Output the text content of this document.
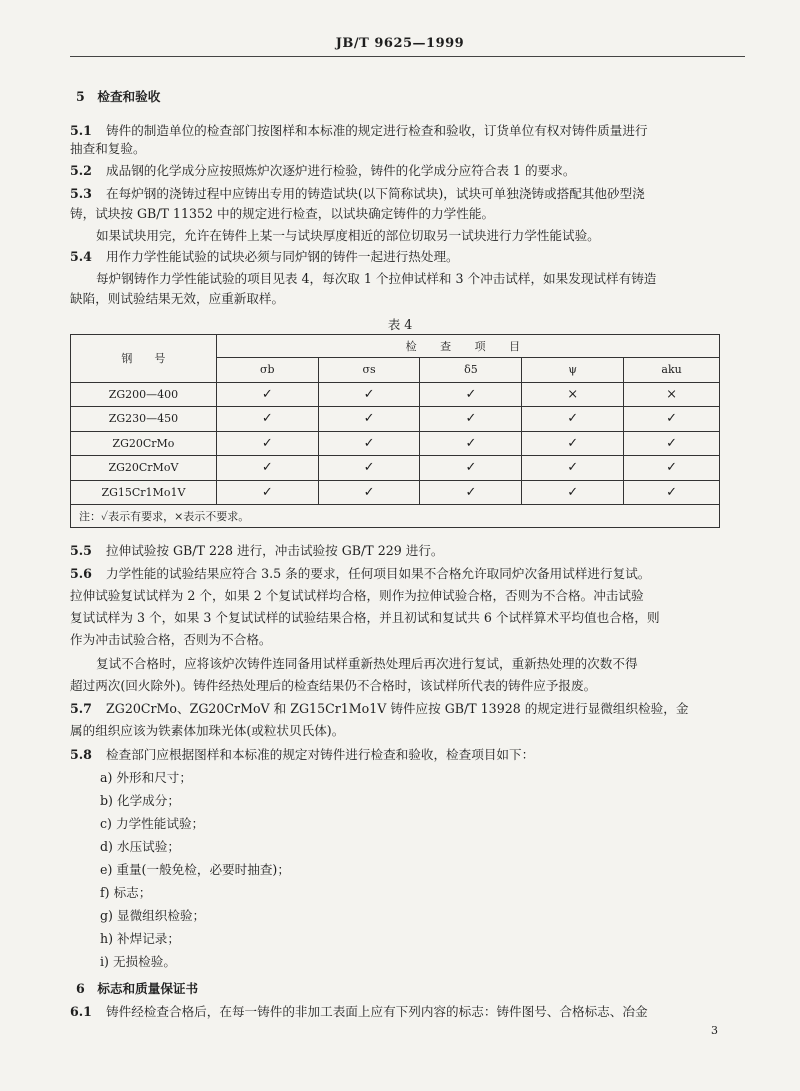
JB/T 9625—1999
5　检查和验收
5.1 铸件的制造单位的检查部门按图样和本标准的规定进行检查和验收，订货单位有权对铸件质量进行
抽查和复验。
5.2 成品钢的化学成分应按照炼炉次逐炉进行检验，铸件的化学成分应符合表 1 的要求。
5.3 在每炉钢的浇铸过程中应铸出专用的铸造试块(以下简称试块)，试块可单独浇铸或搭配其他砂型浇
铸，试块按 GB/T 11352 中的规定进行检查，以试块确定铸件的力学性能。
如果试块用完，允许在铸件上某一与试块厚度相近的部位切取另一试块进行力学性能试验。
5.4 用作力学性能试验的试块必须与同炉钢的铸件一起进行热处理。
每炉钢铸作力学性能试验的项目见表 4，每次取 1 个拉伸试样和 3 个冲击试样，如果发现试样有铸造
缺陷，则试验结果无效，应重新取样。
表 4
钢　　号	检 查 项 目				
	σb	σs	δ5	ψ	aku
ZG200—400	✓	✓	✓	×	×
ZG230—450	✓	✓	✓	✓	✓
ZG20CrMo	✓	✓	✓	✓	✓
ZG20CrMoV	✓	✓	✓	✓	✓
ZG15Cr1Mo1V	✓	✓	✓	✓	✓
注：✓表示有要求，×表示不要求。					
5.5 拉伸试验按 GB/T 228 进行，冲击试验按 GB/T 229 进行。
5.6 力学性能的试验结果应符合 3.5 条的要求，任何项目如果不合格允许取同炉次备用试样进行复试。
拉伸试验复试试样为 2 个，如果 2 个复试试样均合格，则作为拉伸试验合格，否则为不合格。冲击试验
复试试样为 3 个，如果 3 个复试试样的试验结果合格，并且初试和复试共 6 个试样算术平均值也合格，则
作为冲击试验合格，否则为不合格。
复试不合格时，应将该炉次铸件连同备用试样重新热处理后再次进行复试，重新热处理的次数不得
超过两次(回火除外)。铸件经热处理后的检查结果仍不合格时，该试样所代表的铸件应予报废。
5.7 ZG20CrMo、ZG20CrMoV 和 ZG15Cr1Mo1V 铸件应按 GB/T 13928 的规定进行显微组织检验，金
属的组织应该为铁素体加珠光体(或粒状贝氏体)。
5.8 检查部门应根据图样和本标准的规定对铸件进行检查和验收，检查项目如下：
a) 外形和尺寸；
b) 化学成分；
c) 力学性能试验；
d) 水压试验；
e) 重量(一般免检，必要时抽查)；
f) 标志；
g) 显微组织检验；
h) 补焊记录；
i) 无损检验。
6　标志和质量保证书
6.1 铸件经检查合格后，在每一铸件的非加工表面上应有下列内容的标志：铸件图号、合格标志、冶金
3
